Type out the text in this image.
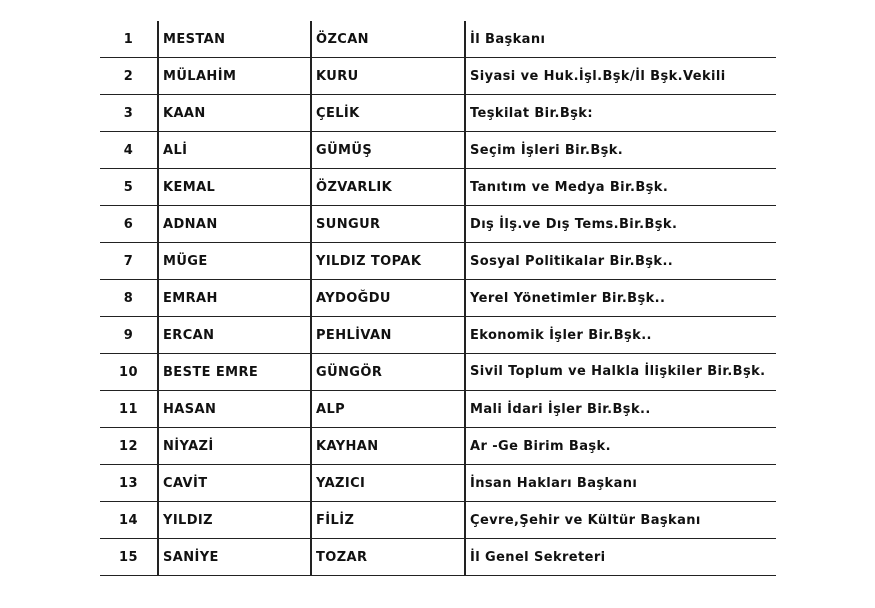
1	MESTAN	ÖZCAN	İl Başkanı
2	MÜLAHİM	KURU	Siyasi ve Huk.İşl.Bşk/İl Bşk.Vekili
3	KAAN	ÇELİK	Teşkilat Bir.Bşk:
4	ALİ	GÜMÜŞ	Seçim İşleri Bir.Bşk.
5	KEMAL	ÖZVARLIK	Tanıtım ve Medya Bir.Bşk.
6	ADNAN	SUNGUR	Dış İlş.ve Dış Tems.Bir.Bşk.
7	MÜGE	YILDIZ TOPAK	Sosyal Politikalar Bir.Bşk..
8	EMRAH	AYDOĞDU	Yerel Yönetimler Bir.Bşk..
9	ERCAN	PEHLİVAN	Ekonomik İşler Bir.Bşk..
10	BESTE EMRE	GÜNGÖR	Sivil Toplum ve Halkla İlişkiler Bir.Bşk.
11	HASAN	ALP	Mali İdari İşler Bir.Bşk..
12	NİYAZİ	KAYHAN	Ar -Ge Birim Başk.
13	CAVİT	YAZICI	İnsan Hakları Başkanı
14	YILDIZ	FİLİZ	Çevre,Şehir ve Kültür Başkanı
15	SANİYE	TOZAR	İl Genel Sekreteri
